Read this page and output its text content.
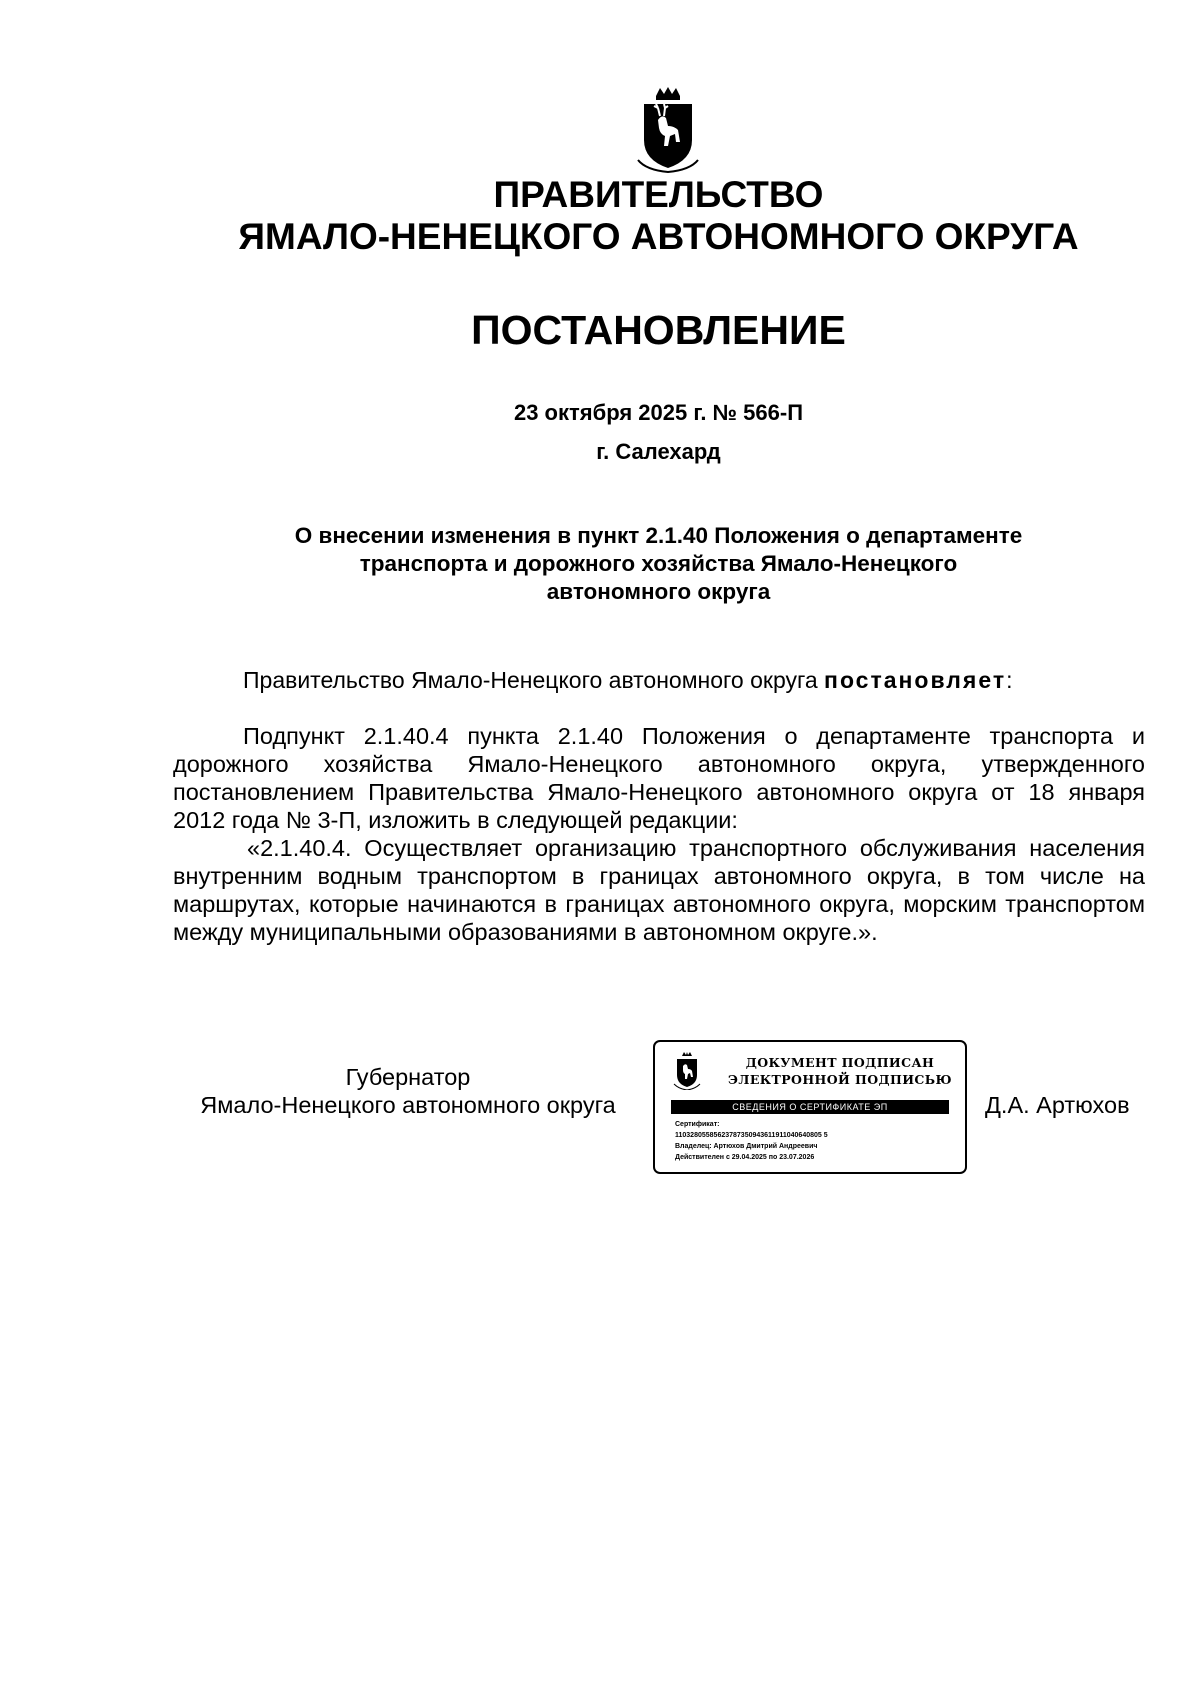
ПРАВИТЕЛЬСТВО
ЯМАЛО-НЕНЕЦКОГО АВТОНОМНОГО ОКРУГА
ПОСТАНОВЛЕНИЕ
23 октября 2025 г. № 566-П
г. Салехард
О внесении изменения в пункт 2.1.40 Положения о департаменте
транспорта и дорожного хозяйства Ямало-Ненецкого
автономного округа
Правительство Ямало-Ненецкого автономного округа постановляет:

Подпункт 2.1.40.4 пункта 2.1.40 Положения о департаменте транспорта и дорожного хозяйства Ямало-Ненецкого автономного округа, утвержденного постановлением Правительства Ямало-Ненецкого автономного округа от 18 января 2012 года № 3-П, изложить в следующей редакции:

«2.1.40.4. Осуществляет организацию транспортного обслуживания населения внутренним водным транспортом в границах автономного округа, в том числе на маршрутах, которые начинаются в границах автономного округа, морским транспортом между муниципальными образованиями в автономном округе.».

Губернатор
Ямало-Ненецкого автономного округа
ДОКУМЕНТ ПОДПИСАН
ЭЛЕКТРОННОЙ ПОДПИСЬЮ
СВЕДЕНИЯ О СЕРТИФИКАТЕ ЭП
Сертификат:
11032805585623787350943611911040640805 5
Владелец: Артюхов Дмитрий Андреевич
Действителен с 29.04.2025 по 23.07.2026
Д.А. Артюхов
